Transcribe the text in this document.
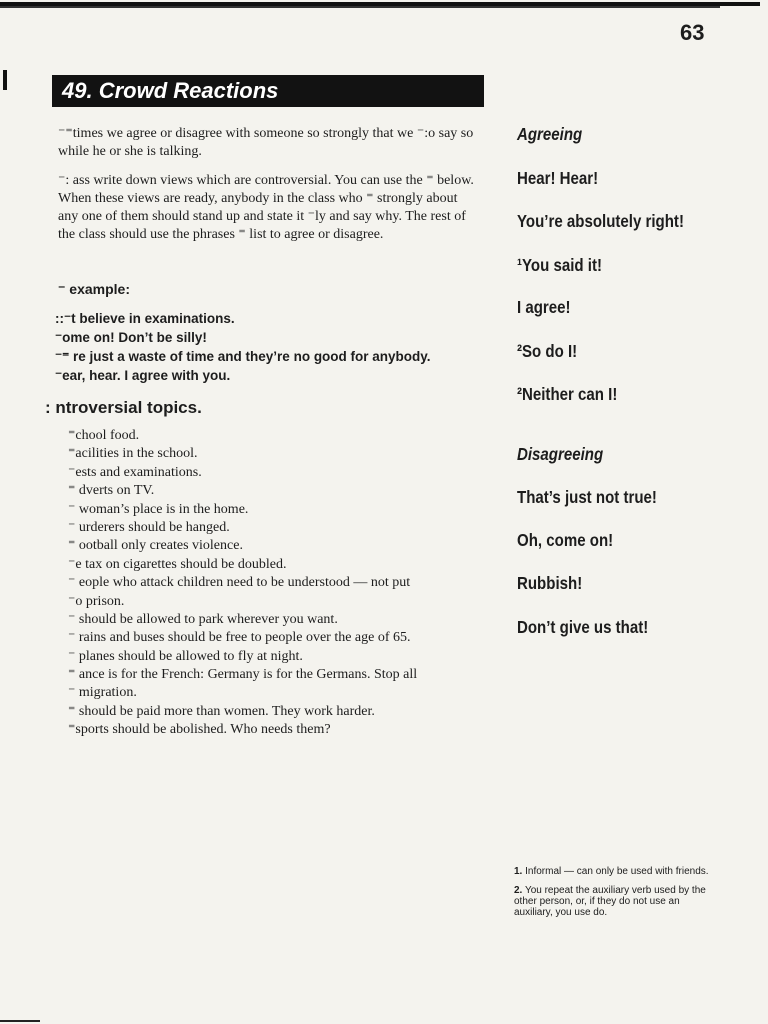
63
49. Crowd Reactions

⁻⁼times we agree or disagree with someone so strongly that we ⁻:o say so while he or she is talking.

⁻: ass write down views which are controversial. You can use the ⁼ below. When these views are ready, anybody in the class who ⁼ strongly about any one of them should stand up and state it ⁻ly and say why. The rest of the class should use the phrases ⁼ list to agree or disagree.

⁻ example:
::⁻t believe in examinations.
⁻ome on! Don’t be silly!
⁻⁼ re just a waste of time and they’re no good for anybody.
⁻ear, hear. I agree with you.
: ntroversial topics.
⁼chool food.
⁼acilities in the school.
⁻ests and examinations.
⁼ dverts on TV.
⁻ woman’s place is in the home.
⁻ urderers should be hanged.
⁼ ootball only creates violence.
⁻e tax on cigarettes should be doubled.
⁻ eople who attack children need to be understood — not put
⁻o prison.
⁻ should be allowed to park wherever you want.
⁻ rains and buses should be free to people over the age of 65.
⁻ planes should be allowed to fly at night.
⁼ ance is for the French: Germany is for the Germans. Stop all
⁻ migration.
⁼ should be paid more than women. They work harder.
⁼sports should be abolished. Who needs them?
Agreeing
Hear! Hear!
You’re absolutely right!
¹You said it!
I agree!
²So do I!
²Neither can I!
Disagreeing
That’s just not true!
Oh, come on!
Rubbish!
Don’t give us that!

1. Informal — can only be used with friends.

2. You repeat the auxiliary verb used by the other person, or, if they do not use an auxiliary, you use do.
